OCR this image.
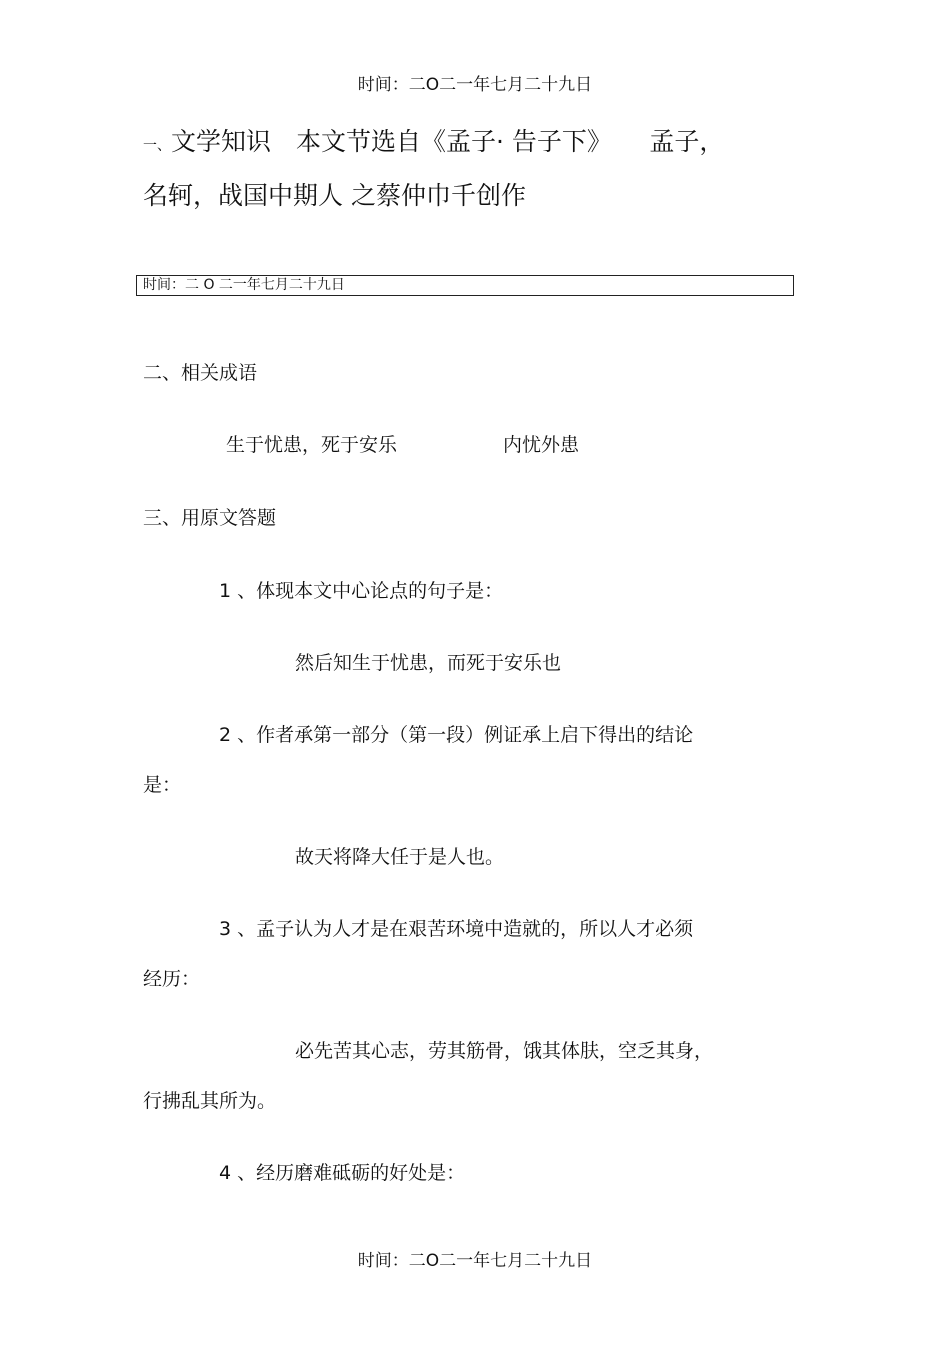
时间：二O二一年七月二十九日
一、文学知识　本文节选自《孟子· 告子下》　　孟子，
名轲，战国中期人 之蔡仲巾千创作
时间：二 O 二一年七月二十九日
二、相关成语
生于忧患，死于安乐	内忧外患
三、用原文答题
1 、体现本文中心论点的句子是：
然后知生于忧患，而死于安乐也
2 、作者承第一部分（第一段）例证承上启下得出的结论
是：
故天将降大任于是人也。
3 、孟子认为人才是在艰苦环境中造就的，所以人才必须
经历：
必先苦其心志，劳其筋骨，饿其体肤，空乏其身，
行拂乱其所为。
4 、经历磨难砥砺的好处是：
时间：二O二一年七月二十九日
